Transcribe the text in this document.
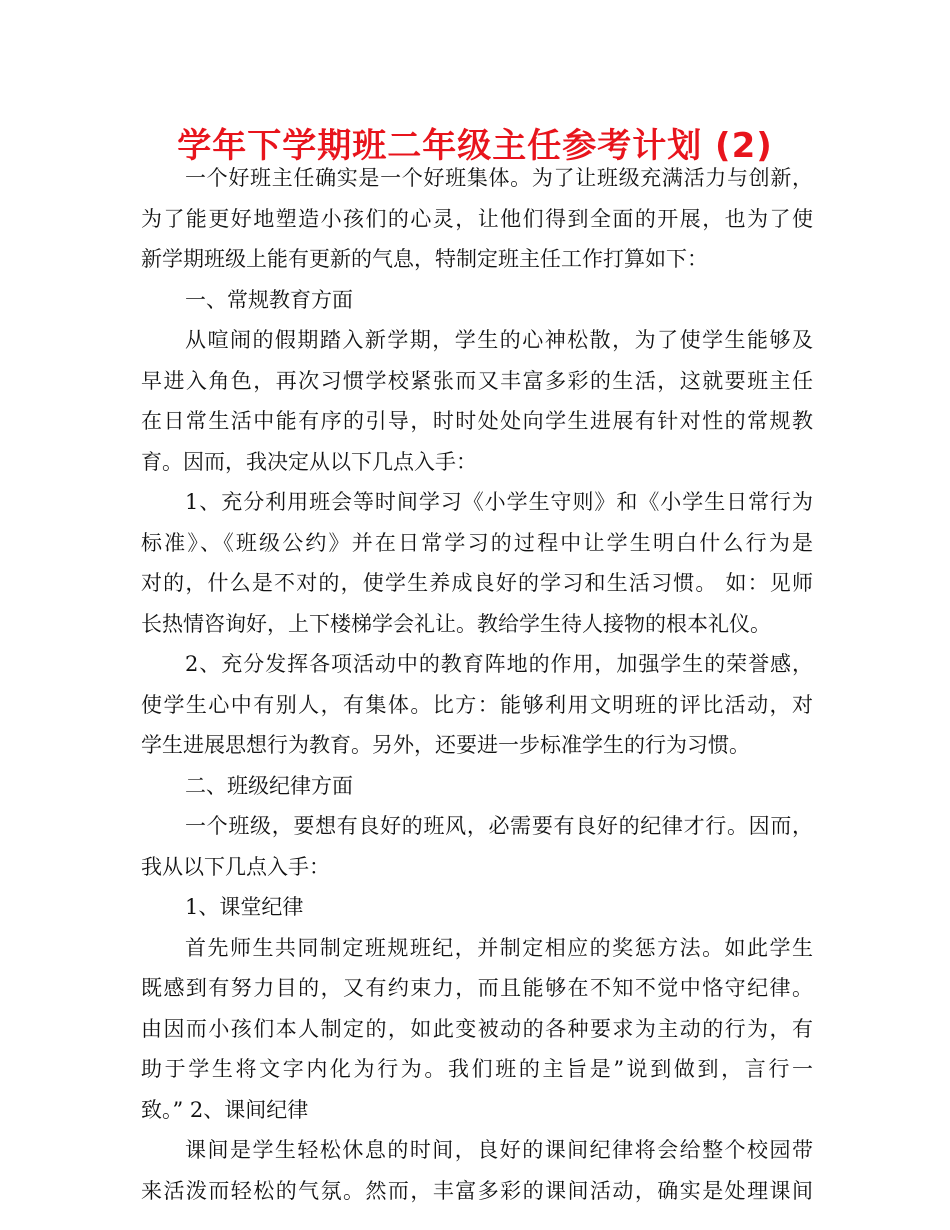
学年下学期班二年级主任参考计划 (2)
一个好班主任确实是一个好班集体。为了让班级充满活力与创新，
为了能更好地塑造小孩们的心灵，让他们得到全面的开展，也为了使
新学期班级上能有更新的气息，特制定班主任工作打算如下：
一、常规教育方面
从喧闹的假期踏入新学期，学生的心神松散，为了使学生能够及
早进入角色，再次习惯学校紧张而又丰富多彩的生活，这就要班主任
在日常生活中能有序的引导，时时处处向学生进展有针对性的常规教
育。因而，我决定从以下几点入手：
1、充分利用班会等时间学习《小学生守则》和《小学生日常行为
标准》、《班级公约》并在日常学习的过程中让学生明白什么行为是
对的，什么是不对的，使学生养成良好的学习和生活习惯。 如：见师
长热情咨询好，上下楼梯学会礼让。教给学生待人接物的根本礼仪。
2、充分发挥各项活动中的教育阵地的作用，加强学生的荣誉感，
使学生心中有别人，有集体。比方：能够利用文明班的评比活动，对
学生进展思想行为教育。另外，还要进一步标准学生的行为习惯。
二、班级纪律方面
一个班级，要想有良好的班风，必需要有良好的纪律才行。因而，
我从以下几点入手：
1、课堂纪律
首先师生共同制定班规班纪，并制定相应的奖惩方法。如此学生
既感到有努力目的，又有约束力，而且能够在不知不觉中恪守纪律。
由因而小孩们本人制定的，如此变被动的各种要求为主动的行为，有
助于学生将文字内化为行为。我们班的主旨是”说到做到，言行一
致。” 2、课间纪律
课间是学生轻松休息的时间，良好的课间纪律将会给整个校园带
来活泼而轻松的气氛。然而，丰富多彩的课间活动，确实是处理课间
